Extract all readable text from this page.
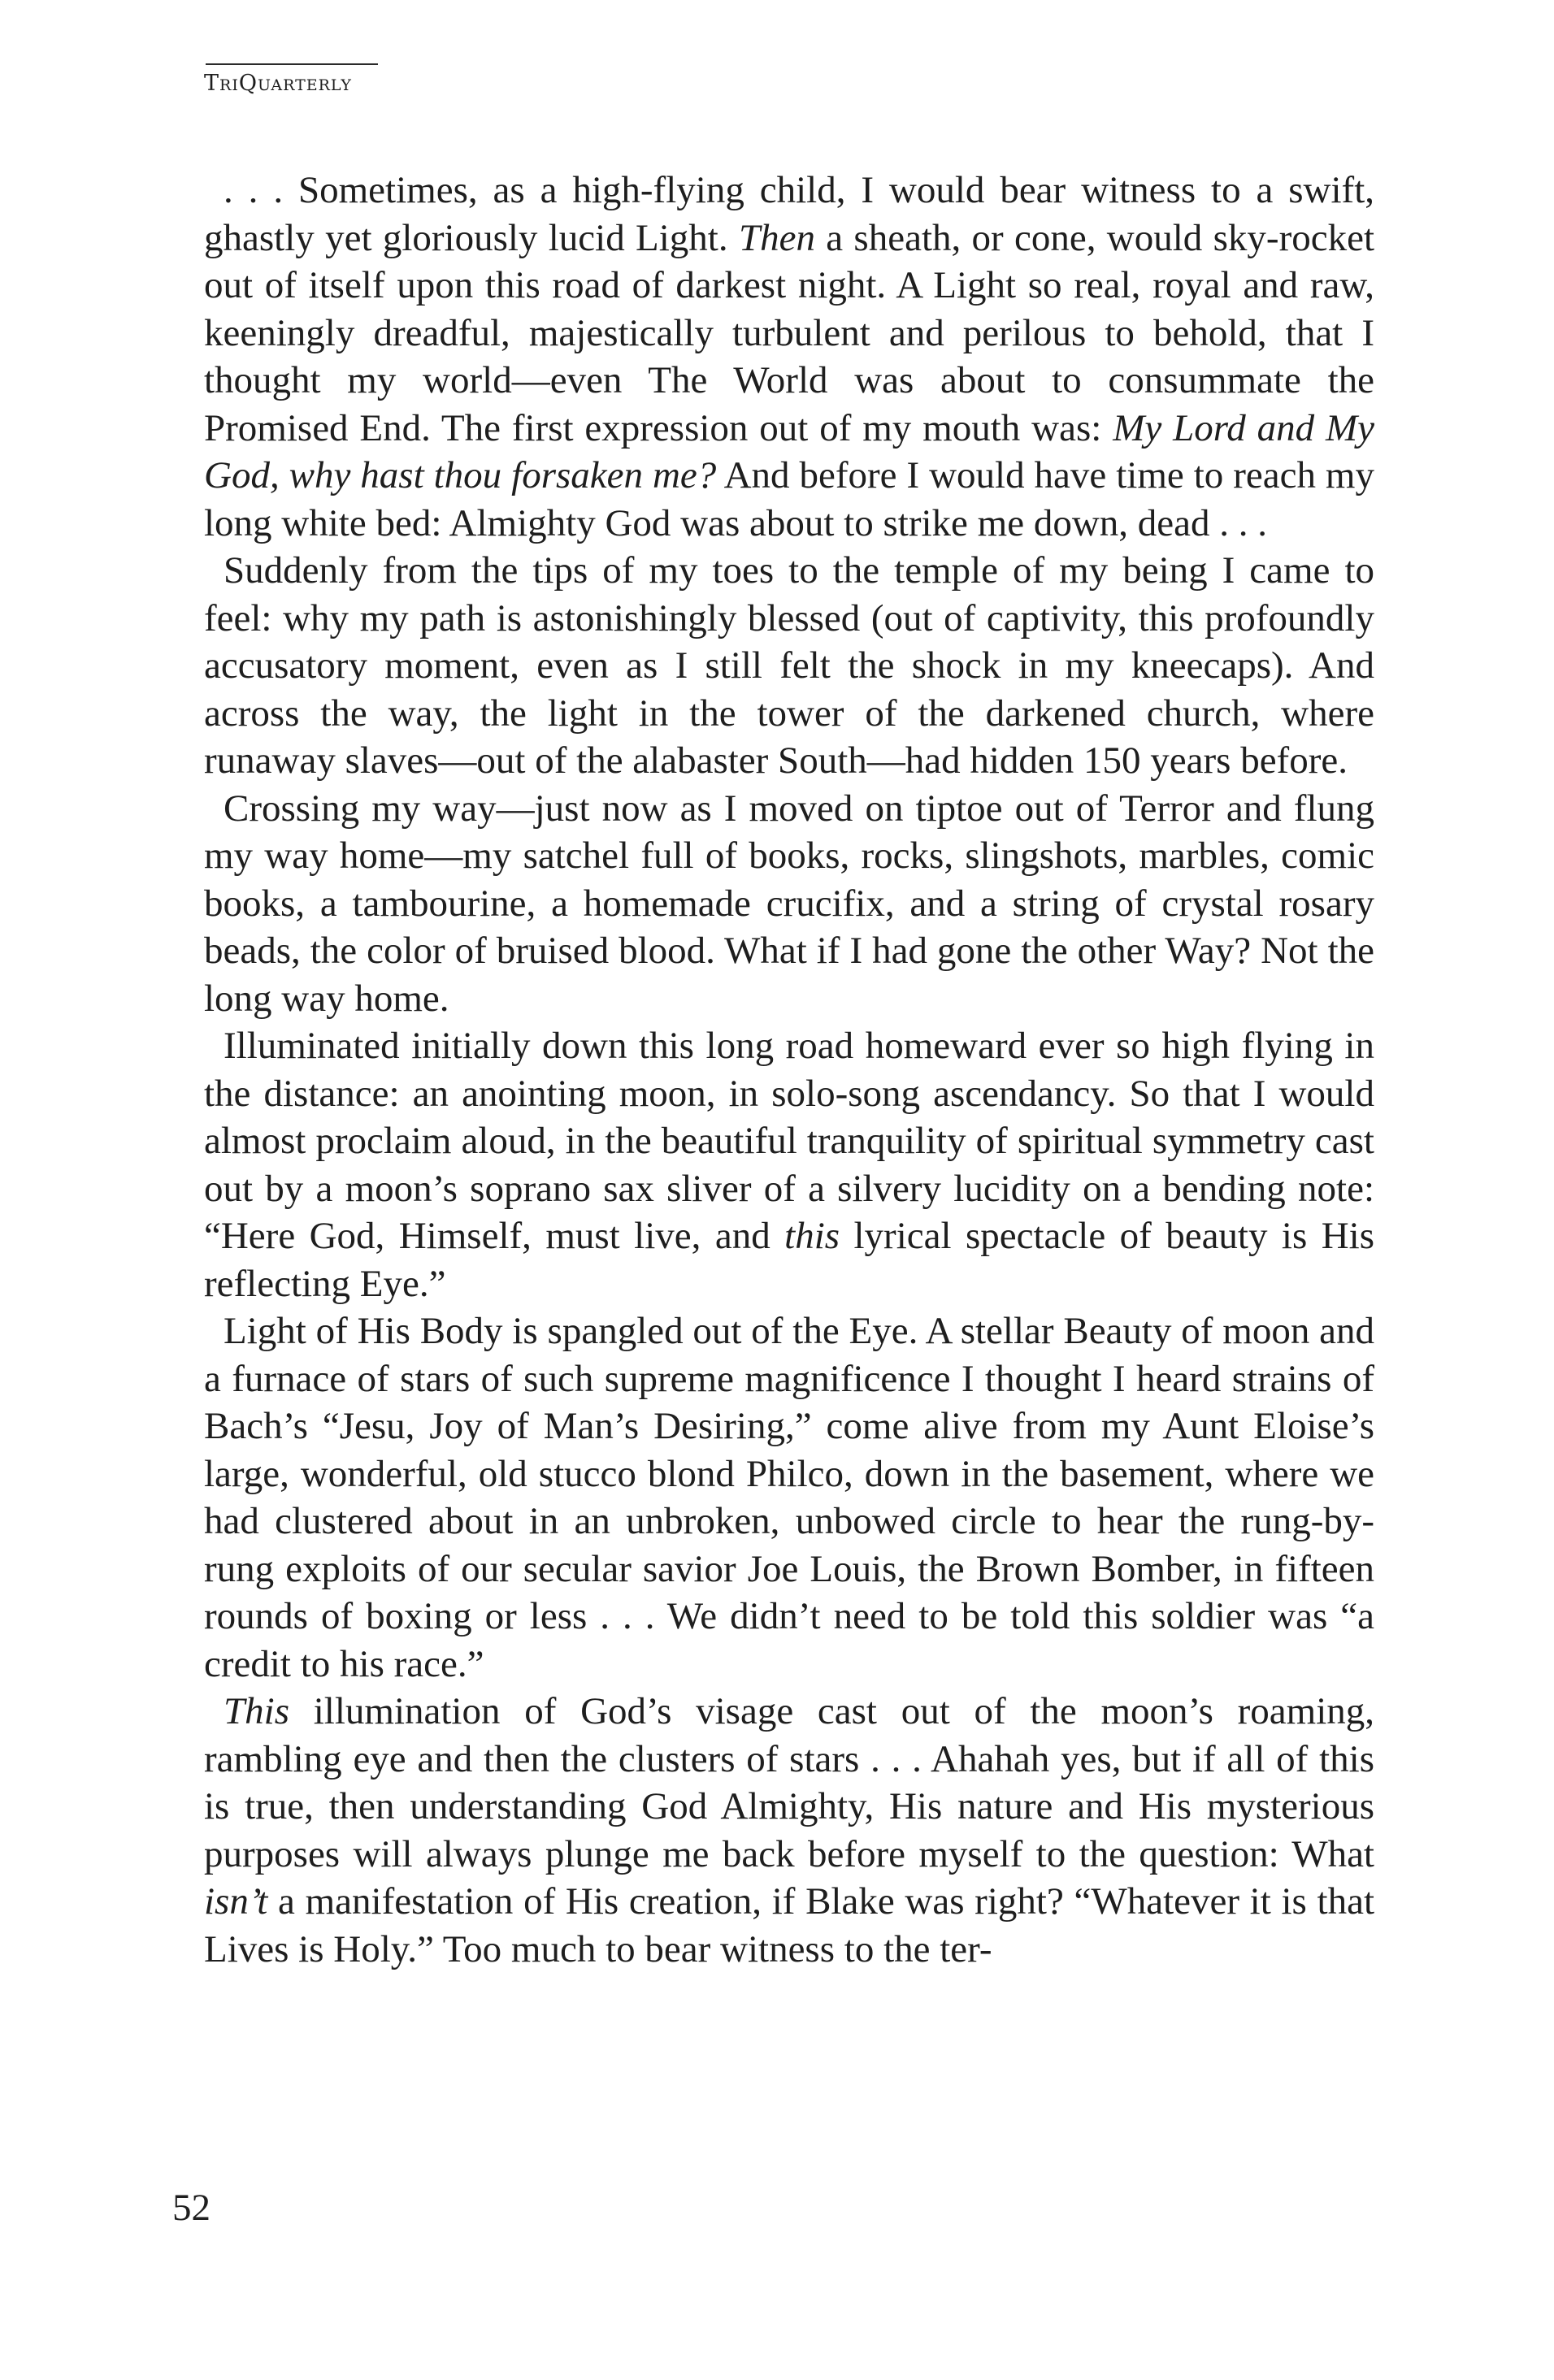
TriQuarterly

. . . Sometimes, as a high-flying child, I would bear witness to a swift, ghastly yet gloriously lucid Light. Then a sheath, or cone, would sky-rocket out of itself upon this road of darkest night. A Light so real, royal and raw, keeningly dreadful, majestically turbulent and perilous to behold, that I thought my world—even The World was about to consummate the Promised End. The first expression out of my mouth was: My Lord and My God, why hast thou forsaken me? And before I would have time to reach my long white bed: Almighty God was about to strike me down, dead . . .

Suddenly from the tips of my toes to the temple of my being I came to feel: why my path is astonishingly blessed (out of captivity, this profoundly accusatory moment, even as I still felt the shock in my kneecaps). And across the way, the light in the tower of the darkened church, where runaway slaves—out of the alabaster South—had hidden 150 years before.

Crossing my way—just now as I moved on tiptoe out of Terror and flung my way home—my satchel full of books, rocks, slingshots, marbles, comic books, a tambourine, a homemade crucifix, and a string of crystal rosary beads, the color of bruised blood. What if I had gone the other Way? Not the long way home.

Illuminated initially down this long road homeward ever so high flying in the distance: an anointing moon, in solo-song ascendancy. So that I would almost proclaim aloud, in the beautiful tranquility of spiritual symmetry cast out by a moon’s soprano sax sliver of a silvery lucidity on a bending note: “Here God, Himself, must live, and this lyrical spectacle of beauty is His reflecting Eye.”

Light of His Body is spangled out of the Eye. A stellar Beauty of moon and a furnace of stars of such supreme magnificence I thought I heard strains of Bach’s “Jesu, Joy of Man’s Desiring,” come alive from my Aunt Eloise’s large, wonderful, old stucco blond Philco, down in the basement, where we had clustered about in an unbroken, unbowed circle to hear the rung-by-rung exploits of our secular savior Joe Louis, the Brown Bomber, in fifteen rounds of boxing or less . . . We didn’t need to be told this soldier was “a credit to his race.”

This illumination of God’s visage cast out of the moon’s roaming, rambling eye and then the clusters of stars . . . Ahahah yes, but if all of this is true, then understanding God Almighty, His nature and His mysterious purposes will always plunge me back before myself to the question: What isn’t a manifestation of His creation, if Blake was right? “Whatever it is that Lives is Holy.” Too much to bear witness to the ter-

52
